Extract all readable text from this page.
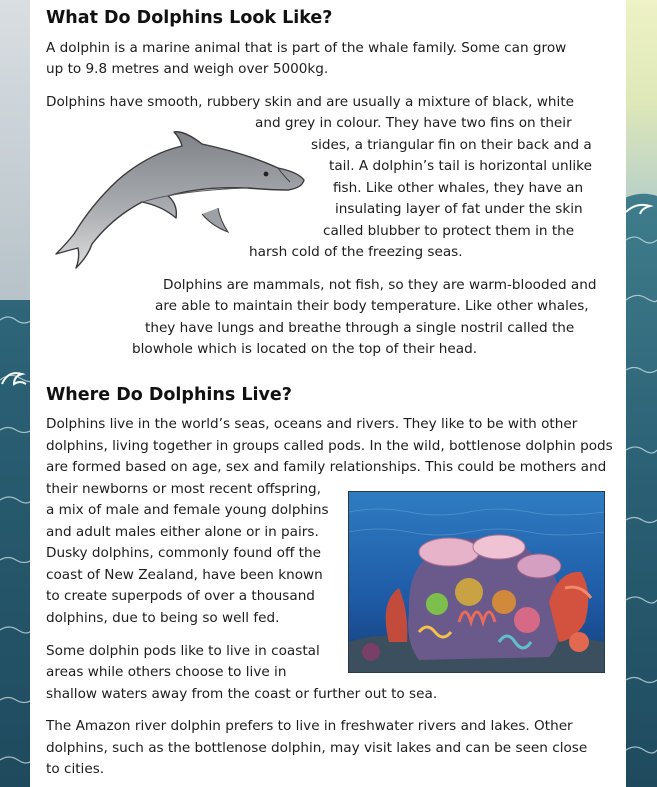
What Do Dolphins Look Like?
A dolphin is a marine animal that is part of the whale family. Some can grow
up to 9.8 metres and weigh over 5000kg.
Dolphins have smooth, rubbery skin and are usually a mixture of black, white
and grey in colour. They have two fins on their
sides, a triangular fin on their back and a
tail. A dolphin’s tail is horizontal unlike
fish. Like other whales, they have an
insulating layer of fat under the skin
called blubber to protect them in the
harsh cold of the freezing seas.
Dolphins are mammals, not fish, so they are warm-blooded and
are able to maintain their body temperature. Like other whales,
they have lungs and breathe through a single nostril called the
blowhole which is located on the top of their head.
Where Do Dolphins Live?
Dolphins live in the world’s seas, oceans and rivers. They like to be with other
dolphins, living together in groups called pods. In the wild, bottlenose dolphin pods
are formed based on age, sex and family relationships. This could be mothers and
their newborns or most recent offspring,
a mix of male and female young dolphins
and adult males either alone or in pairs.
Dusky dolphins, commonly found off the
coast of New Zealand, have been known
to create superpods of over a thousand
dolphins, due to being so well fed.
Some dolphin pods like to live in coastal
areas while others choose to live in
shallow waters away from the coast or further out to sea.
The Amazon river dolphin prefers to live in freshwater rivers and lakes. Other
dolphins, such as the bottlenose dolphin, may visit lakes and can be seen close
to cities.
